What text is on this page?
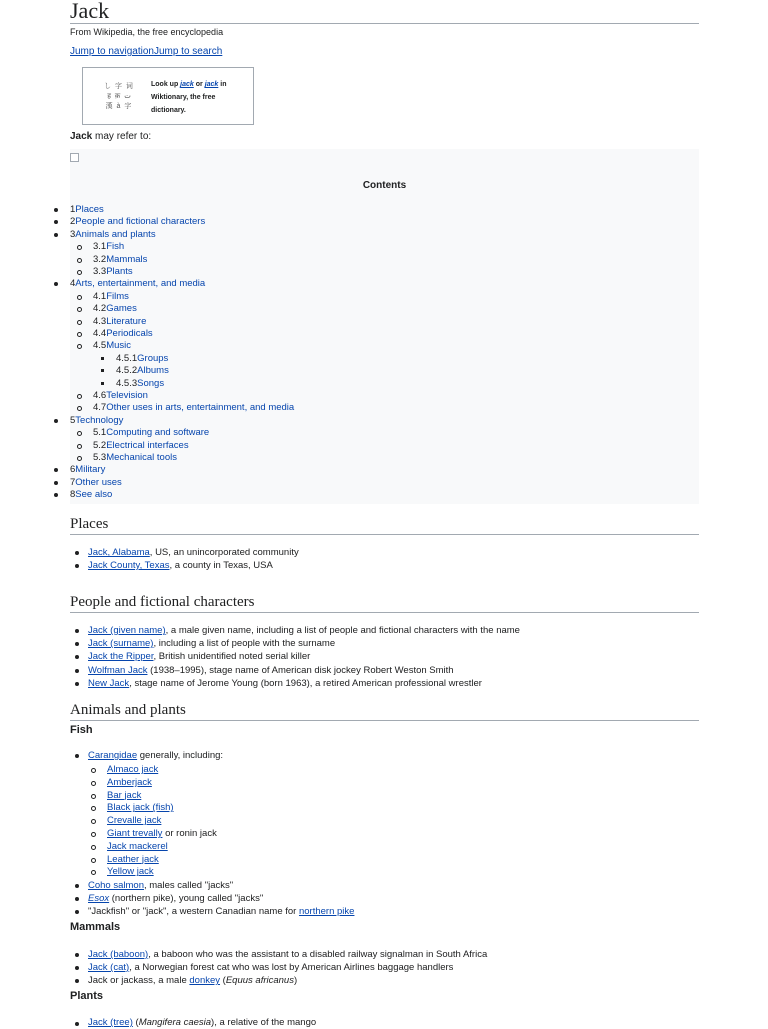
Jack
From Wikipedia, the free encyclopedia
Jump to navigationJump to search
し 字 词
ह क़ ت
漢 à 字
Look up jack or jack in Wiktionary, the free dictionary.
Jack may refer to:
Contents
1Places
2People and fictional characters
3Animals and plants
3.1Fish
3.2Mammals
3.3Plants
4Arts, entertainment, and media
4.1Films
4.2Games
4.3Literature
4.4Periodicals
4.5Music
4.5.1Groups
4.5.2Albums
4.5.3Songs
4.6Television
4.7Other uses in arts, entertainment, and media
5Technology
5.1Computing and software
5.2Electrical interfaces
5.3Mechanical tools
6Military
7Other uses
8See also
Places
Jack, Alabama, US, an unincorporated community
Jack County, Texas, a county in Texas, USA
People and fictional characters
Jack (given name), a male given name, including a list of people and fictional characters with the name
Jack (surname), including a list of people with the surname
Jack the Ripper, British unidentified noted serial killer
Wolfman Jack (1938–1995), stage name of American disk jockey Robert Weston Smith
New Jack, stage name of Jerome Young (born 1963), a retired American professional wrestler
Animals and plants
Fish
Carangidae generally, including:
Almaco jack
Amberjack
Bar jack
Black jack (fish)
Crevalle jack
Giant trevally or ronin jack
Jack mackerel
Leather jack
Yellow jack
Coho salmon, males called "jacks"
Esox (northern pike), young called "jacks"
"Jackfish" or "jack", a western Canadian name for northern pike
Mammals
Jack (baboon), a baboon who was the assistant to a disabled railway signalman in South Africa
Jack (cat), a Norwegian forest cat who was lost by American Airlines baggage handlers
Jack or jackass, a male donkey (Equus africanus)
Plants
Jack (tree) (Mangifera caesia), a relative of the mango
